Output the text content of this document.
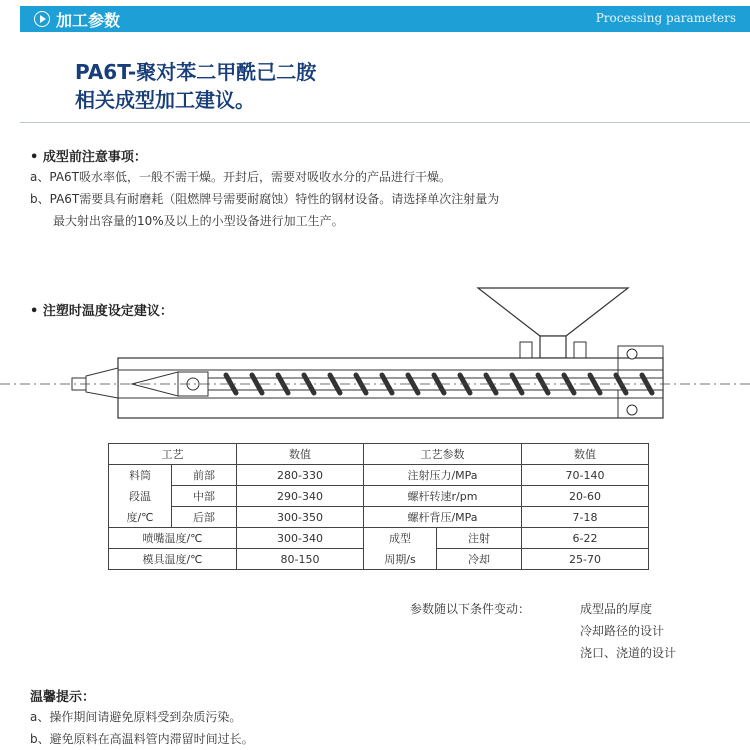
加工参数	Processing parameters
PA6T-聚对苯二甲酰己二胺
相关成型加工建议。
• 成型前注意事项：
a、PA6T吸水率低，一般不需干燥。开封后，需要对吸收水分的产品进行干燥。
b、PA6T需要具有耐磨耗（阻燃牌号需要耐腐蚀）特性的钢材设备。请选择单次注射量为
最大射出容量的10%及以上的小型设备进行加工生产。
• 注塑时温度设定建议：
工艺		数值	工艺参数		数值
料筒	前部	280-330	注射压力/MPa		70-140
段温	中部	290-340	螺杆转速r/pm		20-60
度/℃	后部	300-350	螺杆背压/MPa		7-18
喷嘴温度/℃		300-340	成型	注射	6-22
模具温度/℃		80-150	周期/s	冷却	25-70
参数随以下条件变动：	成型品的厚度
冷却路径的设计
浇口、浇道的设计
温馨提示：
a、操作期间请避免原料受到杂质污染。
b、避免原料在高温料管内滞留时间过长。
